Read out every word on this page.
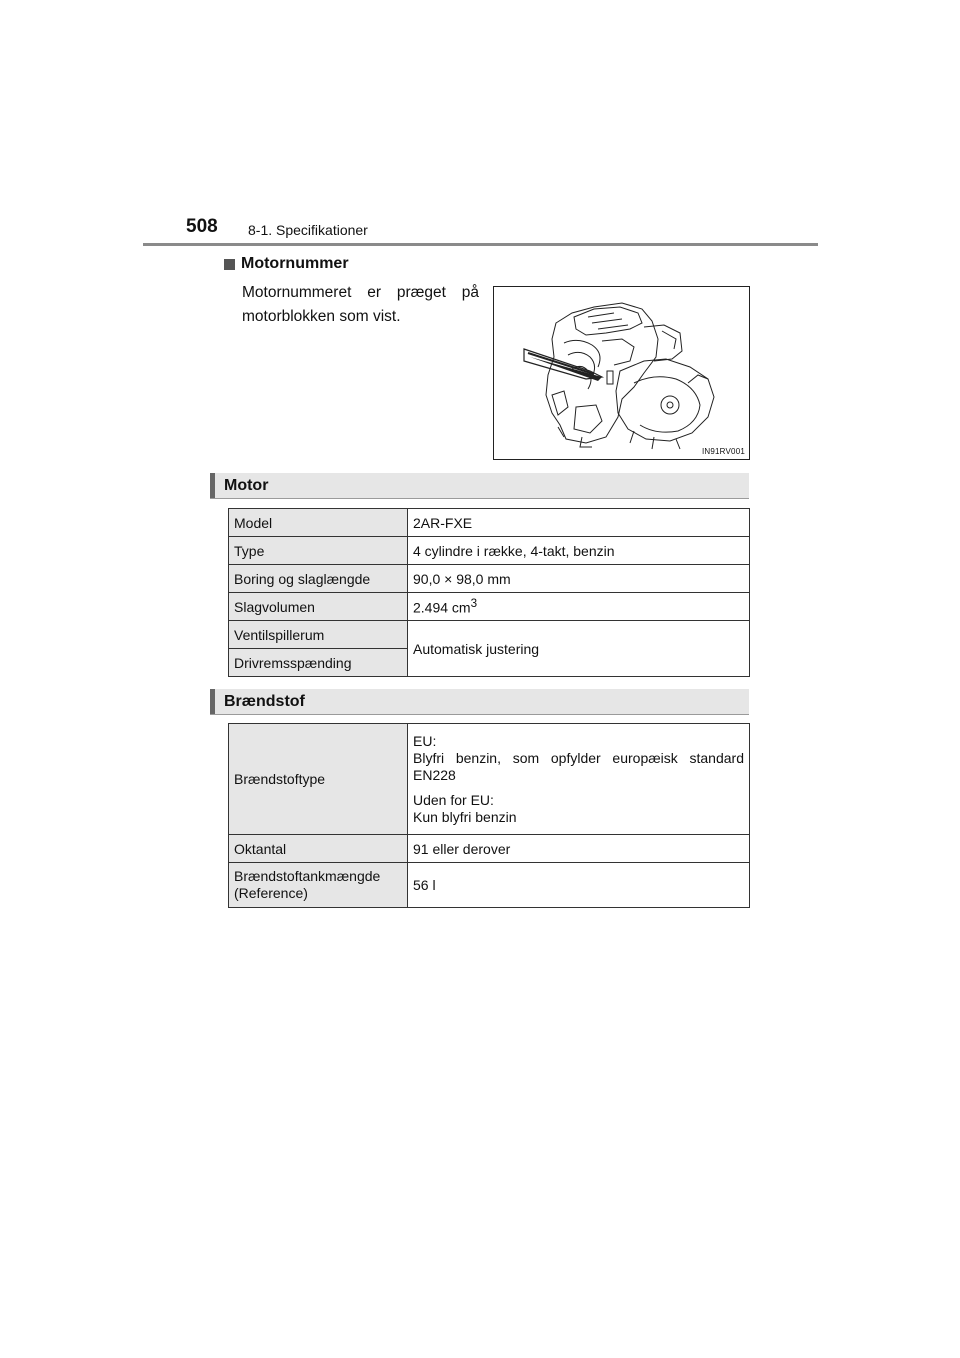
508 8-1. Specifikationer
Motornummer
Motornummeret er præget på motorblokken som vist.
IN91RV001
Motor
Model	2AR-FXE
Type	4 cylindre i række, 4-takt, benzin
Boring og slaglængde	90,0 × 98,0 mm
Slagvolumen	2.494 $cm^3$
Ventilspillerum	Automatisk justering
Drivremsspænding	
Brændstof
Brændstoftype	EU:
Blyfri benzin, som opfylder europæisk standard EN228
Uden for EU:
Kun blyfri benzin

Oktantal	91 eller derover

Brændstoftankmængde
(Reference)	56 l
